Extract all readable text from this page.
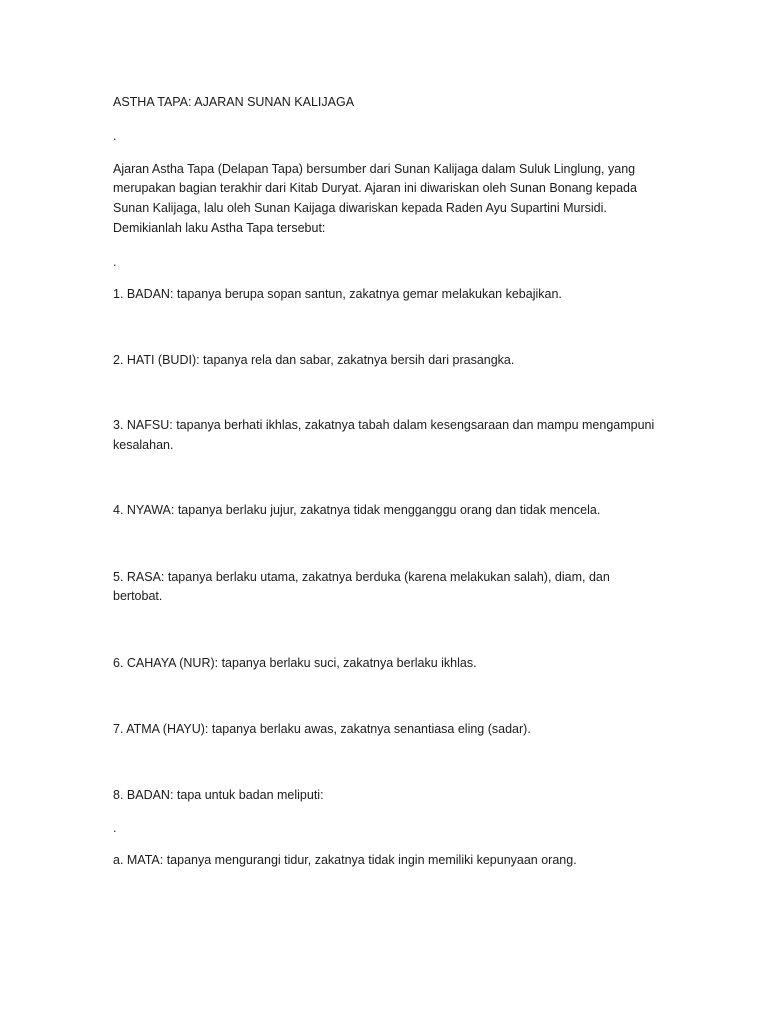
ASTHA TAPA: AJARAN SUNAN KALIJAGA
.
Ajaran Astha Tapa (Delapan Tapa) bersumber dari Sunan Kalijaga dalam Suluk Linglung, yang
merupakan bagian terakhir dari Kitab Duryat. Ajaran ini diwariskan oleh Sunan Bonang kepada
Sunan Kalijaga, lalu oleh Sunan Kaijaga diwariskan kepada Raden Ayu Supartini Mursidi.
Demikianlah laku Astha Tapa tersebut:
.
1. BADAN: tapanya berupa sopan santun, zakatnya gemar melakukan kebajikan.
2. HATI (BUDI): tapanya rela dan sabar, zakatnya bersih dari prasangka.
3. NAFSU: tapanya berhati ikhlas, zakatnya tabah dalam kesengsaraan dan mampu mengampuni
kesalahan.
4. NYAWA: tapanya berlaku jujur, zakatnya tidak mengganggu orang dan tidak mencela.
5. RASA: tapanya berlaku utama, zakatnya berduka (karena melakukan salah), diam, dan
bertobat.
6. CAHAYA (NUR): tapanya berlaku suci, zakatnya berlaku ikhlas.
7. ATMA (HAYU): tapanya berlaku awas, zakatnya senantiasa eling (sadar).
8. BADAN: tapa untuk badan meliputi:
.
a. MATA: tapanya mengurangi tidur, zakatnya tidak ingin memiliki kepunyaan orang.
